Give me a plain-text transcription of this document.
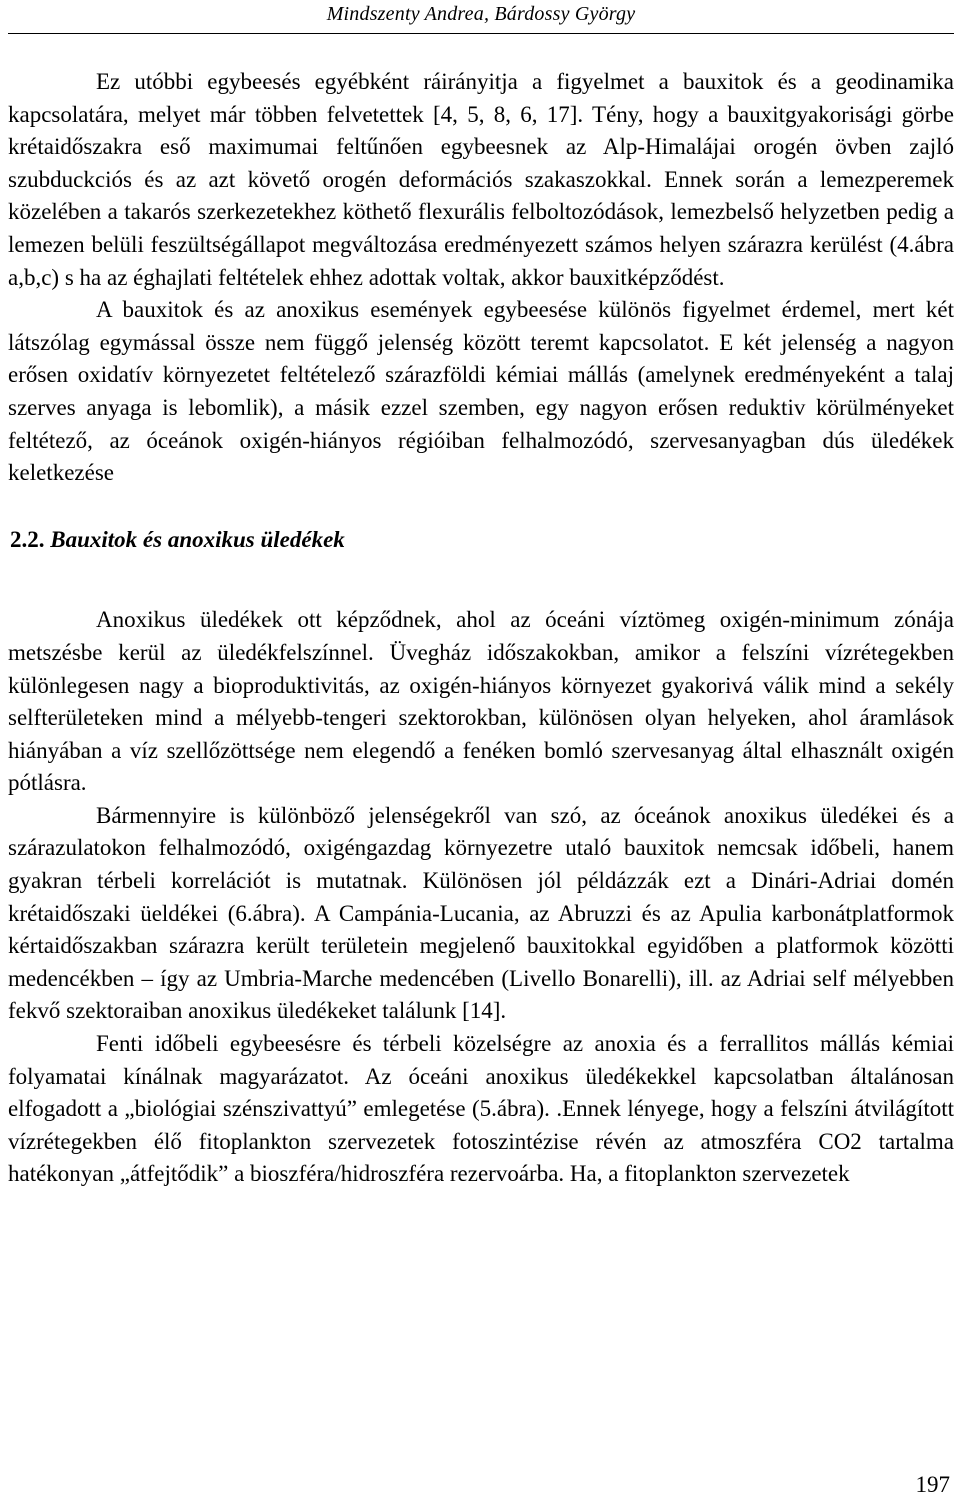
Mindszenty Andrea, Bárdossy György

Ez utóbbi egybeesés egyébként ráirányitja a figyelmet a bauxitok és a geodinamika kapcsolatára, melyet már többen felvetettek [4, 5, 8, 6, 17]. Tény, hogy a bauxitgyakorisági görbe krétaidőszakra eső maximumai feltűnően egybeesnek az Alp-Himalájai orogén övben zajló szubduckciós és az azt követő orogén deformációs szakaszokkal. Ennek során a lemezperemek közelében a takarós szerkezetekhez köthető flexurális felboltozódások, lemezbelső helyzetben pedig a lemezen belüli feszültségállapot megváltozása eredményezett számos helyen szárazra kerülést (4.ábra a,b,c) s ha az éghajlati feltételek ehhez adottak voltak, akkor bauxitképződést.

A bauxitok és az anoxikus események egybeesése különös figyelmet érdemel, mert két látszólag egymással össze nem függő jelenség között teremt kapcsolatot. E két jelenség a nagyon erősen oxidatív környezetet feltételező szárazföldi kémiai mállás (amelynek eredményeként a talaj szerves anyaga is lebomlik), a másik ezzel szemben, egy nagyon erősen reduktiv körülményeket feltétező, az óceánok oxigén-hiányos régióiban felhalmozódó, szervesanyagban dús üledékek keletkezése

2.2. Bauxitok és anoxikus üledékek

Anoxikus üledékek ott képződnek, ahol az óceáni víztömeg oxigén-minimum zónája metszésbe kerül az üledékfelszínnel. Üvegház időszakokban, amikor a felszíni vízrétegekben különlegesen nagy a bioproduktivitás, az oxigén-hiányos környezet gyakorivá válik mind a sekély selfterületeken mind a mélyebb-tengeri szektorokban, különösen olyan helyeken, ahol áramlások hiányában a víz szellőzöttsége nem elegendő a fenéken bomló szervesanyag által elhasznált oxigén pótlásra.

Bármennyire is különböző jelenségekről van szó, az óceánok anoxikus üledékei és a szárazulatokon felhalmozódó, oxigéngazdag környezetre utaló bauxitok nemcsak időbeli, hanem gyakran térbeli korrelációt is mutatnak. Különösen jól példázzák ezt a Dinári-Adriai domén krétaidőszaki üeldékei (6.ábra). A Campánia-Lucania, az Abruzzi és az Apulia karbonátplatformok kértaidőszakban szárazra került területein megjelenő bauxitokkal egyidőben a platformok közötti medencékben – így az Umbria-Marche medencében (Livello Bonarelli), ill. az Adriai self mélyebben fekvő szektoraiban anoxikus üledékeket találunk [14].

Fenti időbeli egybeesésre és térbeli közelségre az anoxia és a ferrallitos mállás kémiai folyamatai kínálnak magyarázatot. Az óceáni anoxikus üledékekkel kapcsolatban általánosan elfogadott a „biológiai szénszivattyú” emlegetése (5.ábra). .Ennek lényege, hogy a felszíni átvilágított vízrétegekben élő fitoplankton szervezetek fotoszintézise révén az atmoszféra CO2 tartalma hatékonyan „átfejtődik” a bioszféra/hidroszféra rezervoárba. Ha, a fitoplankton szervezetek

197
